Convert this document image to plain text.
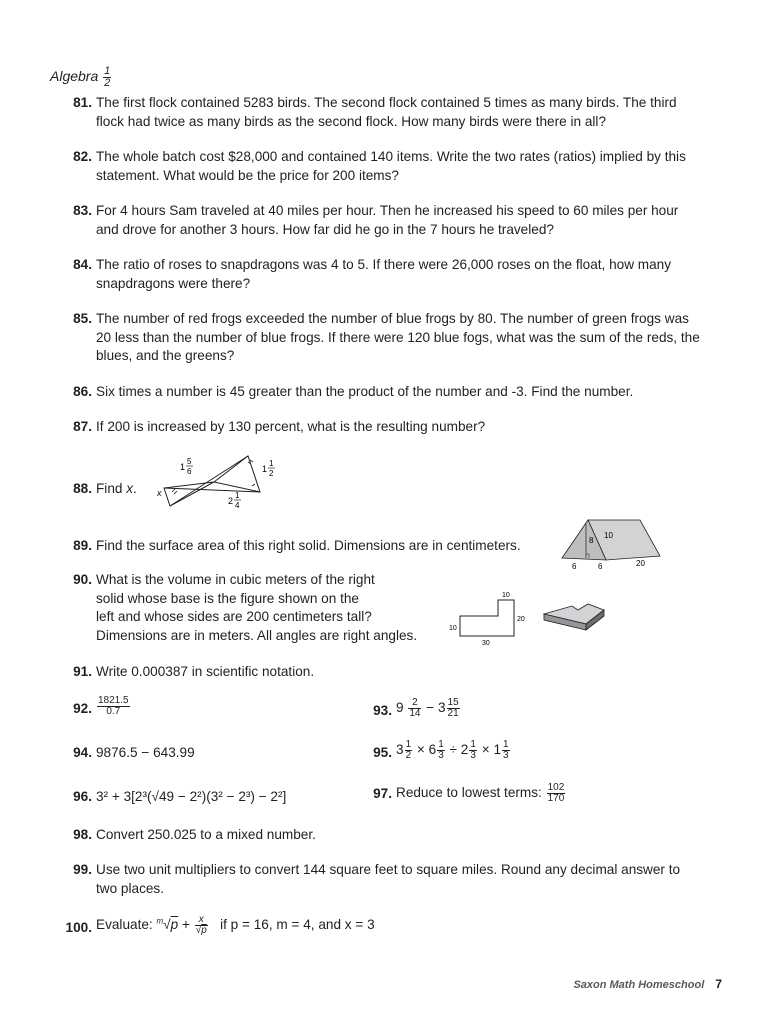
Algebra $\frac{1}{2}$
81. The first flock contained 5283 birds. The second flock contained 5 times as many birds. The third flock had twice as many birds as the second flock. How many birds were there in all?
82. The whole batch cost $28,000 and contained 140 items. Write the two rates (ratios) implied by this statement. What would be the price for 200 items?
83. For 4 hours Sam traveled at 40 miles per hour. Then he increased his speed to 60 miles per hour and drove for another 3 hours. How far did he go in the 7 hours he traveled?
84. The ratio of roses to snapdragons was 4 to 5. If there were 26,000 roses on the float, how many snapdragons were there?
85. The number of red frogs exceeded the number of blue frogs by 80. The number of green frogs was 20 less than the number of blue frogs. If there were 120 blue fogs, what was the sum of the reds, the blues, and the greens?
86. Six times a number is 45 greater than the product of the number and -3. Find the number.
87. If 200 is increased by 130 percent, what is the resulting number?
88. Find x.	x
1
5
6	1
1
2
2
1
4
89. Find the surface area of this right solid. Dimensions are in centimeters.	8
10
6	6	20
90. What is the volume in cubic meters of the right
solid whose base is the figure shown on the
left and whose sides are 200 centimeters tall?
Dimensions are in meters. All angles are right angles.
10
20
10
30
91. Write 0.000387 in scientific notation.
92. $\frac{1821.5}{0.7}$	93. $9 \frac{2}{14} - 3 \frac{15}{21}$
94. 9876.5 − 643.99	95. $3 \frac{1}{2} \times 6 \frac{1}{3} \div 2 \frac{1}{3} \times 1 \frac{1}{3}$
96. 3² + 3[2³(√49 − 2²)(3² − 2³) − 2²]	97. Reduce to lowest terms: $\frac{102}{170}$
98. Convert 250.025 to a mixed number.
99. Use two unit multipliers to convert 144 square feet to square miles. Round any decimal answer to two places.
100. Evaluate: $^m√p + \frac{x}{√p}$ if p = 16, m = 4, and x = 3
Saxon Math Homeschool 7
